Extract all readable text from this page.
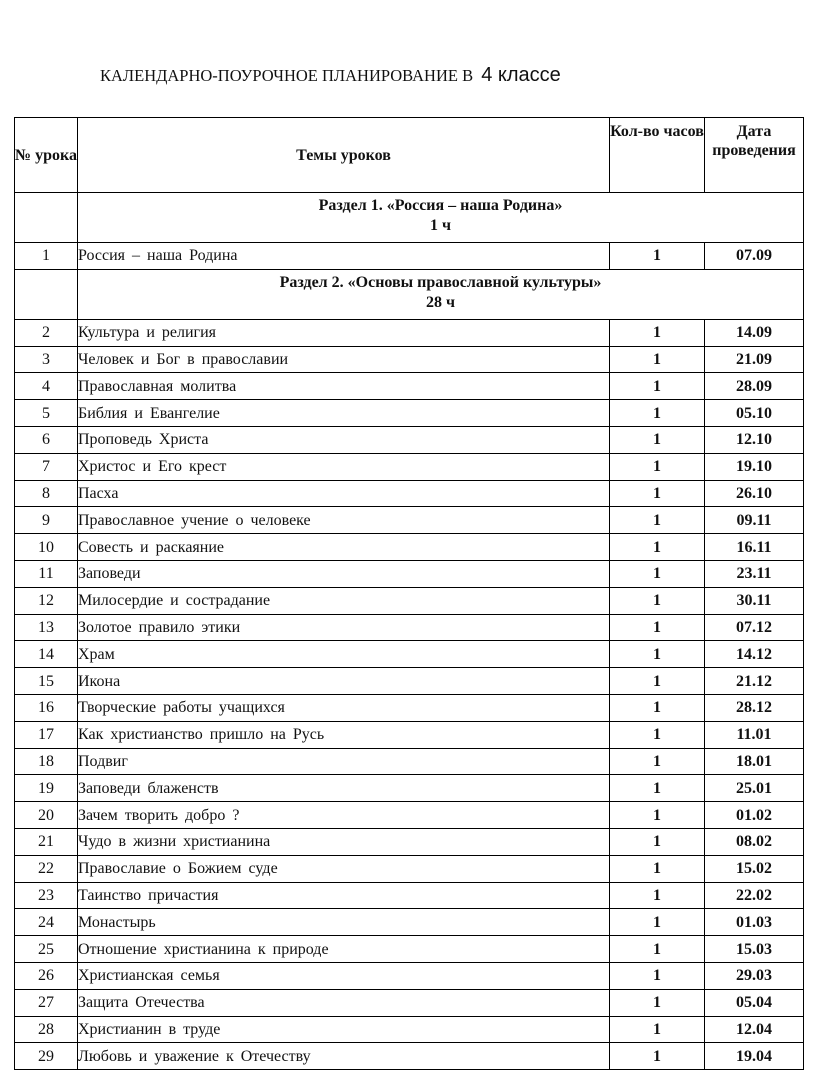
КАЛЕНДАРНО-ПОУРОЧНОЕ ПЛАНИРОВАНИЕ В 4 классе
№ урока	Темы уроков	Кол-во часов	Дата проведения

	Раздел 1. «Россия – наша Родина»
1 ч		

1	Россия – наша Родина	1	07.09

	Раздел 2. «Основы православной культуры»
28 ч		

2	Культура и религия	1	14.09
3	Человек и Бог в православии	1	21.09
4	Православная молитва	1	28.09
5	Библия и Евангелие	1	05.10
6	Проповедь Христа	1	12.10
7	Христос и Его крест	1	19.10
8	Пасха	1	26.10
9	Православное учение о человеке	1	09.11
10	Совесть и раскаяние	1	16.11
11	Заповеди	1	23.11
12	Милосердие и сострадание	1	30.11
13	Золотое правило этики	1	07.12
14	Храм	1	14.12
15	Икона	1	21.12
16	Творческие работы учащихся	1	28.12
17	Как христианство пришло на Русь	1	11.01
18	Подвиг	1	18.01
19	Заповеди блаженств	1	25.01
20	Зачем творить добро ?	1	01.02
21	Чудо в жизни христианина	1	08.02
22	Православие о Божием суде	1	15.02
23	Таинство причастия	1	22.02
24	Монастырь	1	01.03
25	Отношение христианина к природе	1	15.03
26	Христианская семья	1	29.03
27	Защита Отечества	1	05.04
28	Христианин в труде	1	12.04
29	Любовь и уважение к Отечеству	1	19.04
